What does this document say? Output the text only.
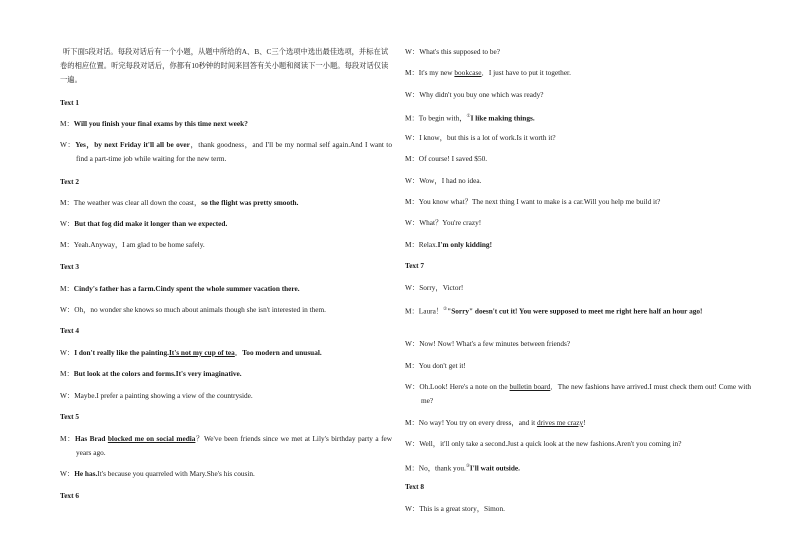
听下面5段对话。每段对话后有一个小题，从题中所给的A、B、C三个选项中选出最佳选项，并标在试卷的相应位置。听完每段对话后，你都有10秒钟的时间来回答有关小题和阅读下一小题。每段对话仅读一遍。
Text 1
M：Will you finish your final exams by this time next week?
W：Yes，by next Friday it'll all be over，thank goodness，and I'll be my normal self again.And I want to find a part-time job while waiting for the new term.
Text 2
M：The weather was clear all down the coast，so the flight was pretty smooth.
W：But that fog did make it longer than we expected.
M：Yeah.Anyway，I am glad to be home safely.
Text 3
M：Cindy's father has a farm.Cindy spent the whole summer vacation there.
W：Oh，no wonder she knows so much about animals though she isn't interested in them.
Text 4
W：I don't really like the painting.It's not my cup of tea．Too modern and unusual.
M：But look at the colors and forms.It's very imaginative.
W：Maybe.I prefer a painting showing a view of the countryside.
Text 5
M：Has Brad blocked me on social media？We've been friends since we met at Lily's birthday party a few years ago.
W：He has.It's because you quarreled with Mary.She's his cousin.
Text 6
W：What's this supposed to be?
M：It's my new bookcase．I just have to put it together.
W：Why didn't you buy one which was ready?
M：To begin with，①I like making things.
W：I know，but this is a lot of work.Is it worth it?
M：Of course! I saved $50.
W：Wow，I had no idea.
M：You know what？The next thing I want to make is a car.Will you help me build it?
W：What？You're crazy!
M：Relax.I'm only kidding!
Text 7
W：Sorry，Victor!
M：Laura！②"Sorry" doesn't cut it! You were supposed to meet me right here half an hour ago!
W：Now! Now! What's a few minutes between friends?
M：You don't get it!
W：Oh.Look! Here's a note on the bulletin board．The new fashions have arrived.I must check them out! Come with me?
M：No way! You try on every dress，and it drives me crazy!
W：Well，it'll only take a second.Just a quick look at the new fashions.Aren't you coming in?
M：No，thank you.③I'll wait outside.
Text 8
W：This is a great story，Simon.
